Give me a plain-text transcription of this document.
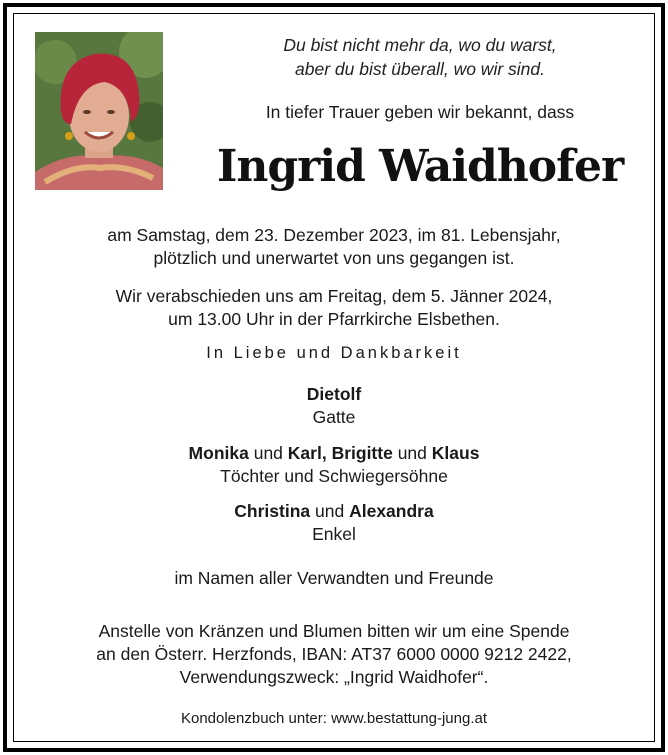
Du bist nicht mehr da, wo du warst,
aber du bist überall, wo wir sind.
In tiefer Trauer geben wir bekannt, dass
Ingrid Waidhofer
am Samstag, dem 23. Dezember 2023, im 81. Lebensjahr,
plötzlich und unerwartet von uns gegangen ist.
Wir verabschieden uns am Freitag, dem 5. Jänner 2024,
um 13.00 Uhr in der Pfarrkirche Elsbethen.
In Liebe und Dankbarkeit
Dietolf
Gatte
Monika und Karl, Brigitte und Klaus
Töchter und Schwiegersöhne
Christina und Alexandra
Enkel
im Namen aller Verwandten und Freunde
Anstelle von Kränzen und Blumen bitten wir um eine Spende
an den Österr. Herzfonds, IBAN: AT37 6000 0000 9212 2422,
Verwendungszweck: „Ingrid Waidhofer“.
Kondolenzbuch unter: www.bestattung-jung.at
